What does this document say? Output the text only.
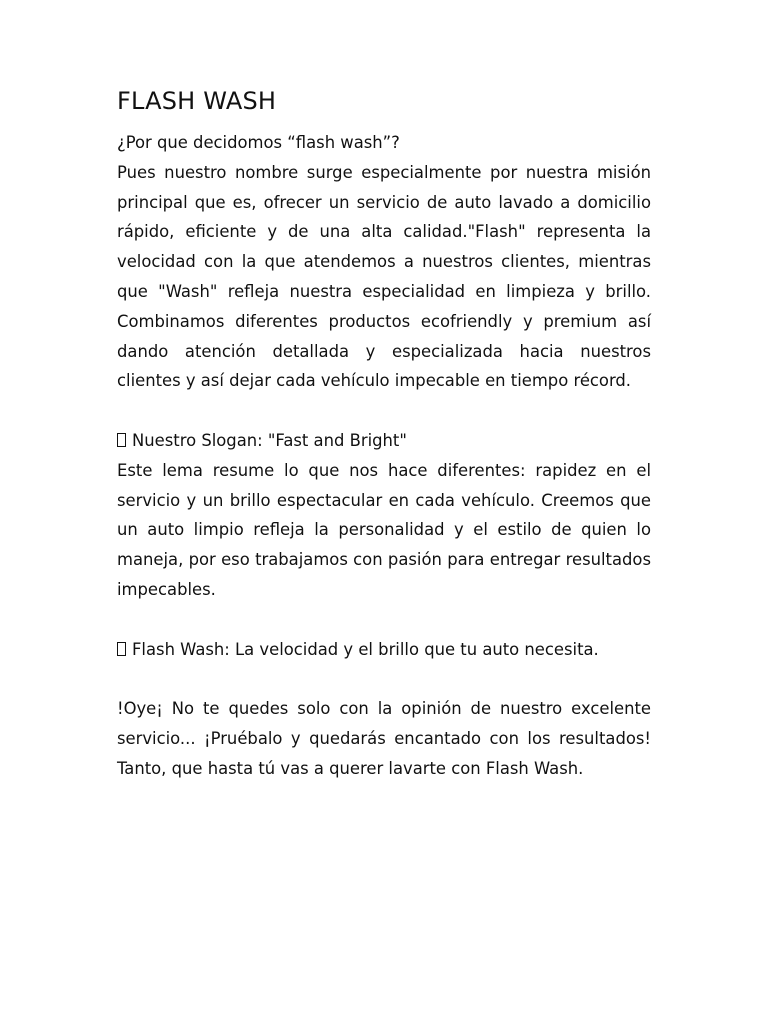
FLASH WASH

¿Por que decidomos “flash wash”?

Pues nuestro nombre surge especialmente por nuestra misión principal que es, ofrecer un servicio de auto lavado a domicilio rápido, eficiente y de una alta calidad."Flash" representa la velocidad con la que atendemos a nuestros clientes, mientras que "Wash" refleja nuestra especialidad en limpieza y brillo. Combinamos diferentes productos ecofriendly y premium así dando atención detallada y especializada hacia nuestros clientes y así dejar cada vehículo impecable en tiempo récord.

Nuestro Slogan: "Fast and Bright"

Este lema resume lo que nos hace diferentes: rapidez en el servicio y un brillo espectacular en cada vehículo. Creemos que un auto limpio refleja la personalidad y el estilo de quien lo maneja, por eso trabajamos con pasión para entregar resultados impecables.

Flash Wash: La velocidad y el brillo que tu auto necesita.

!Oye¡ No te quedes solo con la opinión de nuestro excelente servicio... ¡Pruébalo y quedarás encantado con los resultados! Tanto, que hasta tú vas a querer lavarte con Flash Wash.
